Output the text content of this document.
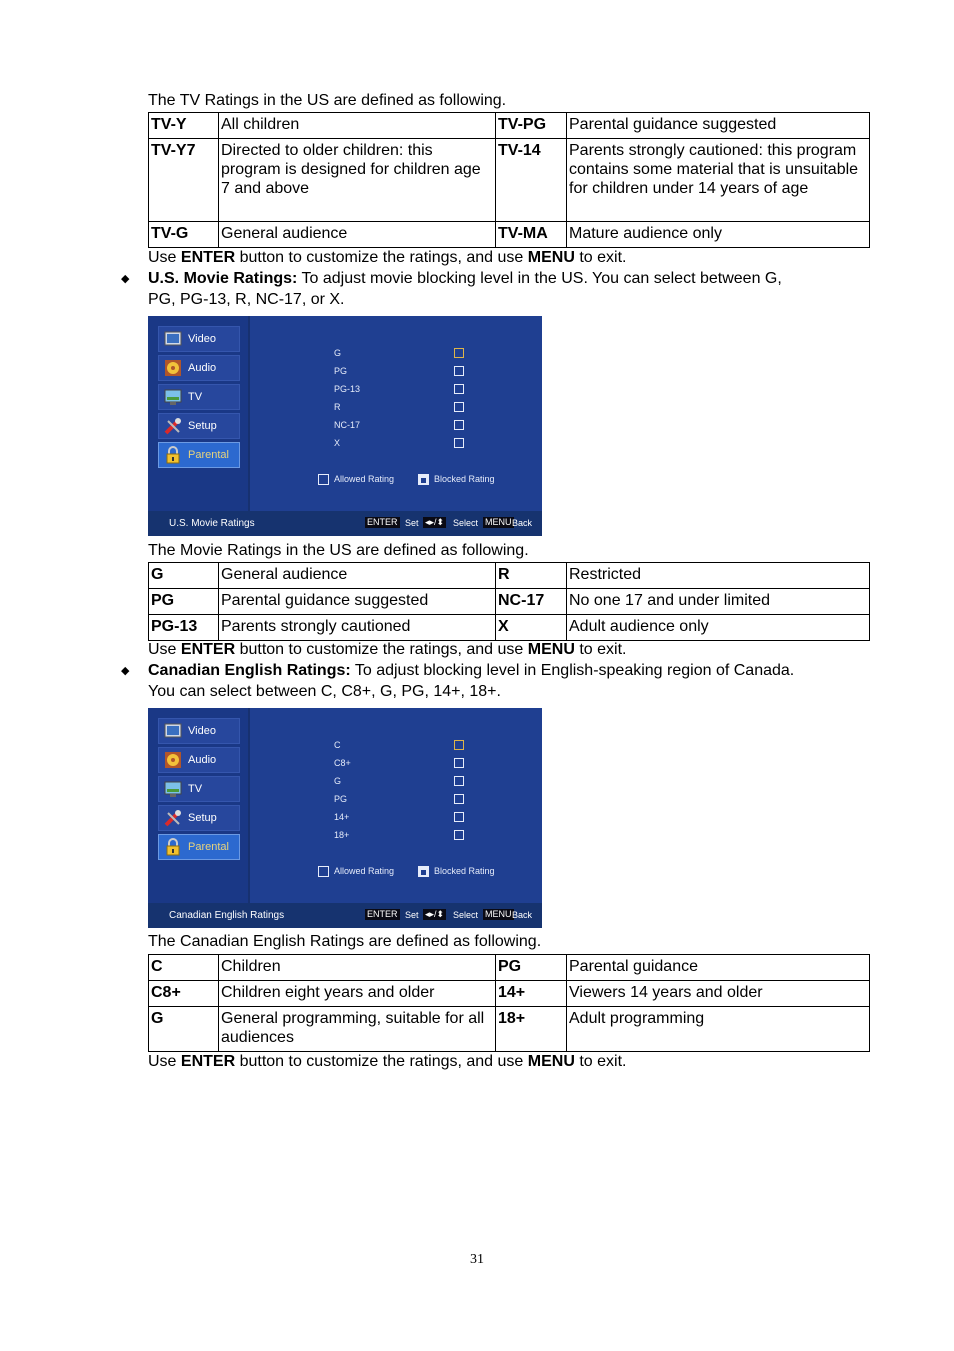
The TV Ratings in the US are defined as following.
TV-Y	All children	TV-PG	Parental guidance suggested
TV-Y7	Directed to older children: this program is designed for children age 7 and above	TV-14	Parents strongly cautioned: this program contains some material that is unsuitable for children under 14 years of age
TV-G	General audience	TV-MA	Mature audience only
Use ENTER button to customize the ratings, and use MENU to exit.
◆ U.S. Movie Ratings: To adjust movie blocking level in the US. You can select between G,
PG, PG-13, R, NC-17, or X.
Video
Audio
TV
Setup
Parental
G
PG
PG-13
R
NC-17
X
Allowed Rating	Blocked Rating
U.S. Movie Ratings	ENTER Set ◂▸/⬍ Select MENU Back
The Movie Ratings in the US are defined as following.
G	General audience	R	Restricted
PG	Parental guidance suggested	NC-17	No one 17 and under limited
PG-13	Parents strongly cautioned	X	Adult audience only
Use ENTER button to customize the ratings, and use MENU to exit.
◆ Canadian English Ratings: To adjust blocking level in English-speaking region of Canada.
You can select between C, C8+, G, PG, 14+, 18+.
Video
Audio
TV
Setup
Parental
C
C8+
G
PG
14+
18+
Allowed Rating	Blocked Rating
Canadian English Ratings	ENTER Set ◂▸/⬍ Select MENU Back
The Canadian English Ratings are defined as following.
C	Children	PG	Parental guidance
C8+	Children eight years and older	14+	Viewers 14 years and older
G	General programming, suitable for all audiences	18+	Adult programming
Use ENTER button to customize the ratings, and use MENU to exit.
31
